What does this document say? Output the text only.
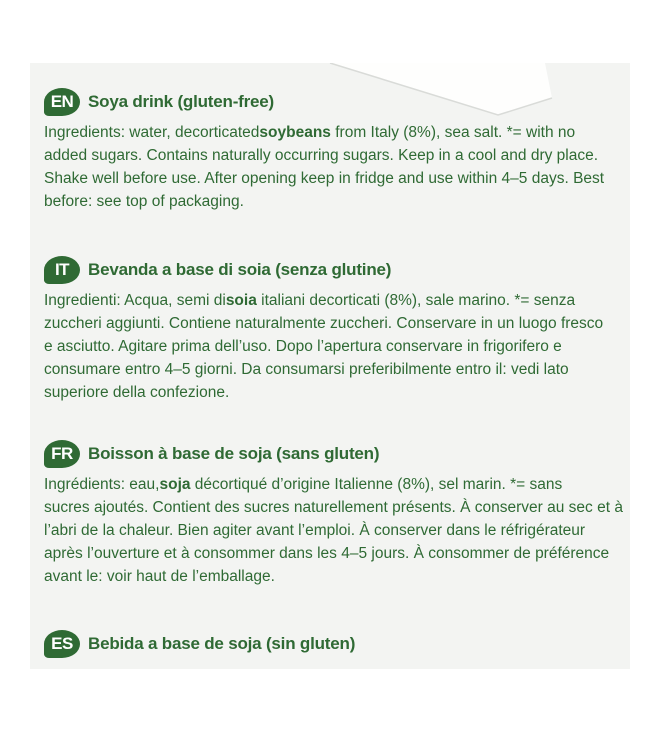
EN Soya drink (gluten-free)
Ingredients: water, decorticatedsoybeans from Italy (8%), sea salt. *= with no
added sugars. Contains naturally occurring sugars. Keep in a cool and dry place.
Shake well before use. After opening keep in fridge and use within 4–5 days. Best
before: see top of packaging.
IT	Bevanda a base di soia (senza glutine)
Ingredienti: Acqua, semi disoia italiani decorticati (8%), sale marino. *= senza
zuccheri aggiunti. Contiene naturalmente zuccheri. Conservare in un luogo fresco
e asciutto. Agitare prima dell’uso. Dopo l’apertura conservare in frigorifero e
consumare entro 4–5 giorni. Da consumarsi preferibilmente entro il: vedi lato
superiore della confezione.
FR Boisson à base de soja (sans gluten)
Ingrédients: eau,soja décortiqué d’origine Italienne (8%), sel marin. *= sans
sucres ajoutés. Contient des sucres naturellement présents. À conserver au sec et à
l’abri de la chaleur. Bien agiter avant l’emploi. À conserver dans le réfrigérateur
après l’ouverture et à consommer dans les 4–5 jours. À consommer de préférence
avant le: voir haut de l’emballage.
ES Bebida a base de soja (sin gluten)
